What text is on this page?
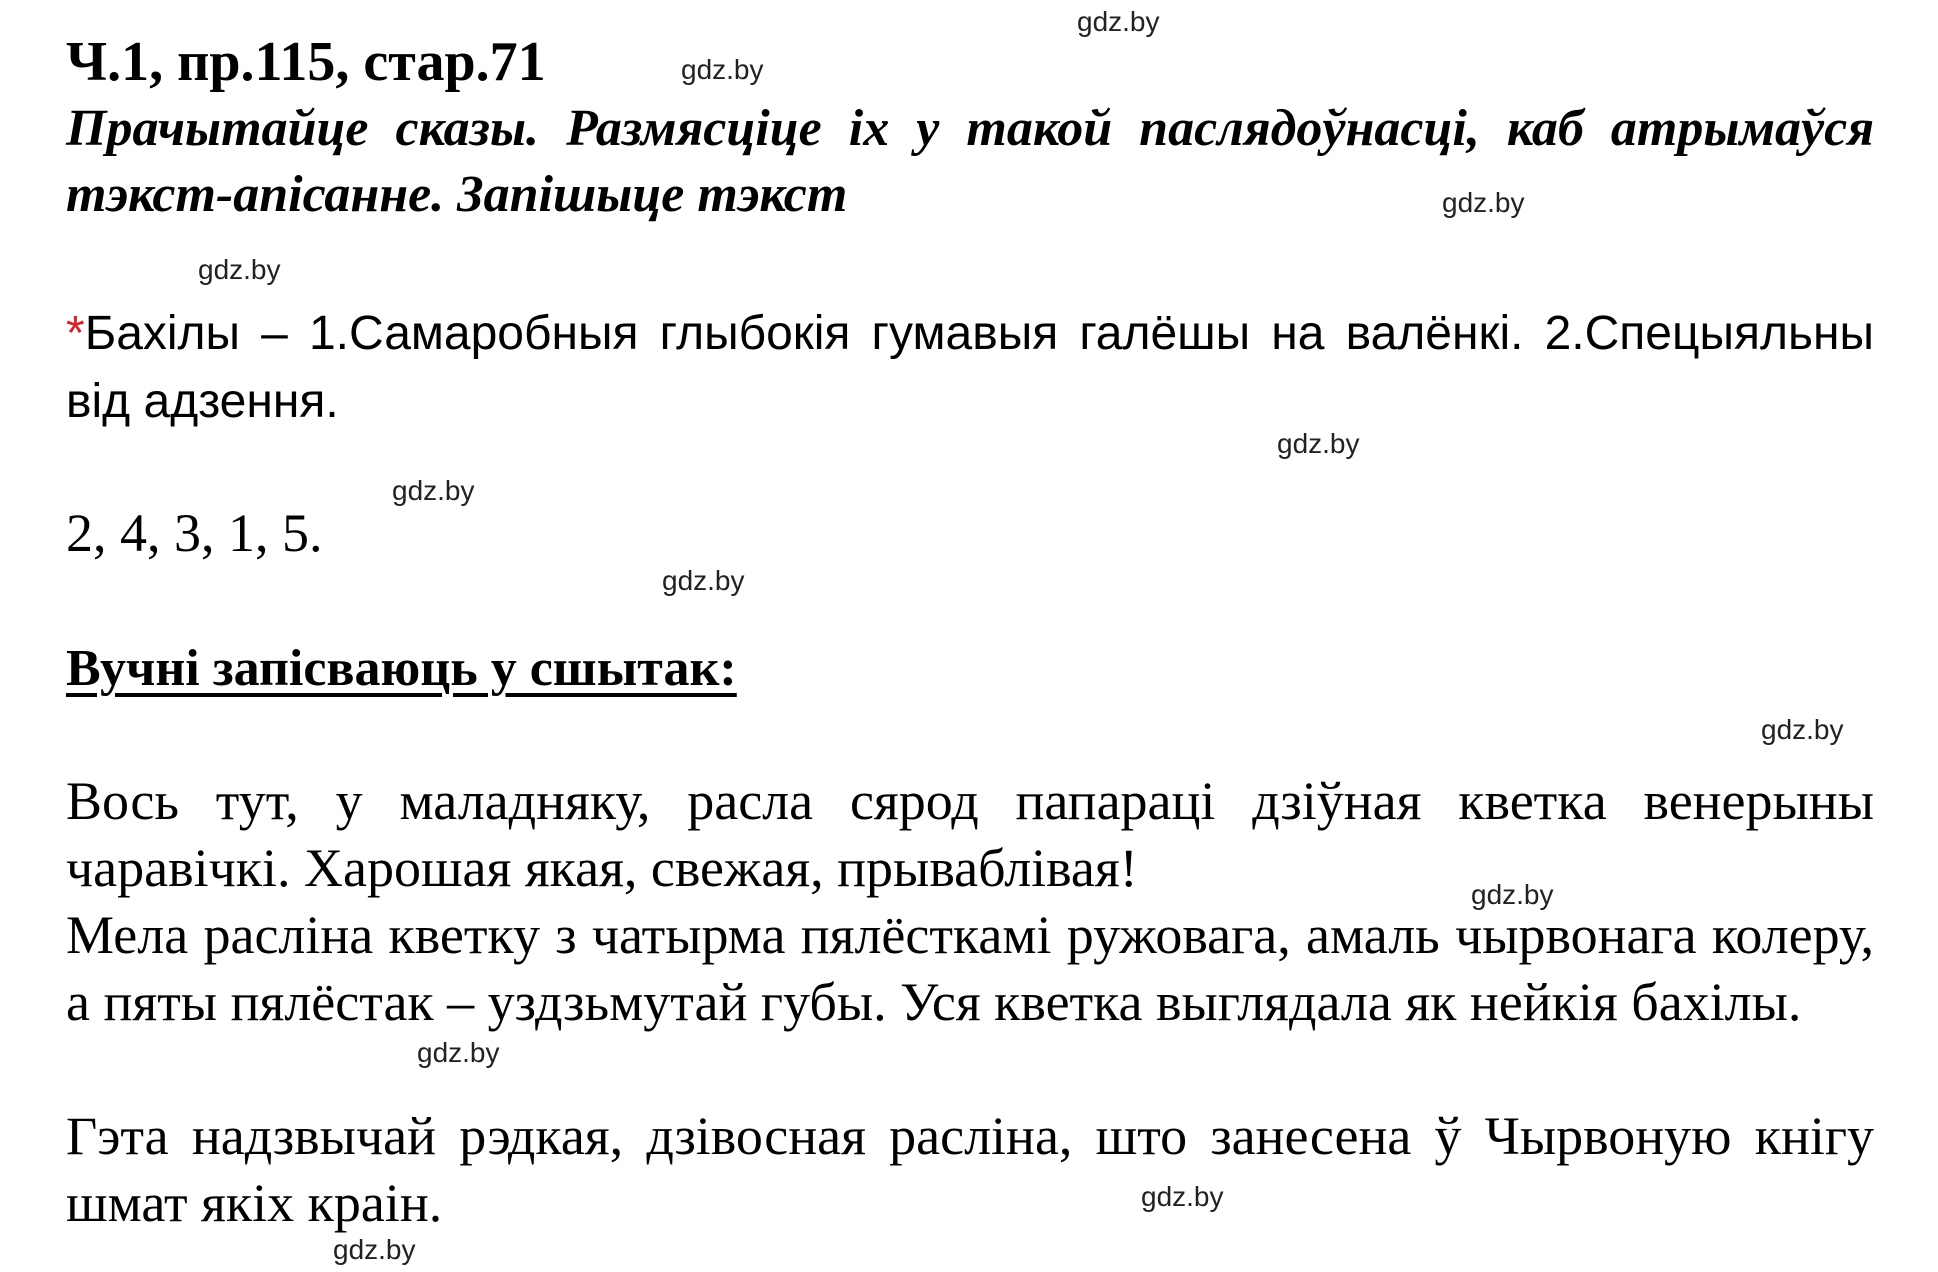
Ч.1, пр.115, стар.71
Прачытайце сказы. Размясціце іх у такой паслядоўнасці, каб атрымаўся тэкст-апісанне. Запішыце тэкст
*Бахілы – 1.Самаробныя глыбокія гумавыя галёшы на валёнкі. 2.Спецыяльны від адзення.
2, 4, 3, 1, 5.
Вучні запісваюць у сшытак:
Вось тут, у маладняку, расла сярод папараці дзіўная кветка венерыны чаравічкі. Харошая якая, свежая, прываблівая!
Мела расліна кветку з чатырма пялёсткамі ружовага, амаль чырвонага колеру, а пяты пялёстак – уздзьмутай губы. Уся кветка выглядала як нейкія бахілы.
Гэта надзвычай рэдкая, дзівосная расліна, што занесена ў Чырвоную кнігу шмат якіх краін.
gdz.by
gdz.by
gdz.by
gdz.by
gdz.by
gdz.by
gdz.by
gdz.by
gdz.by
gdz.by
gdz.by
gdz.by
